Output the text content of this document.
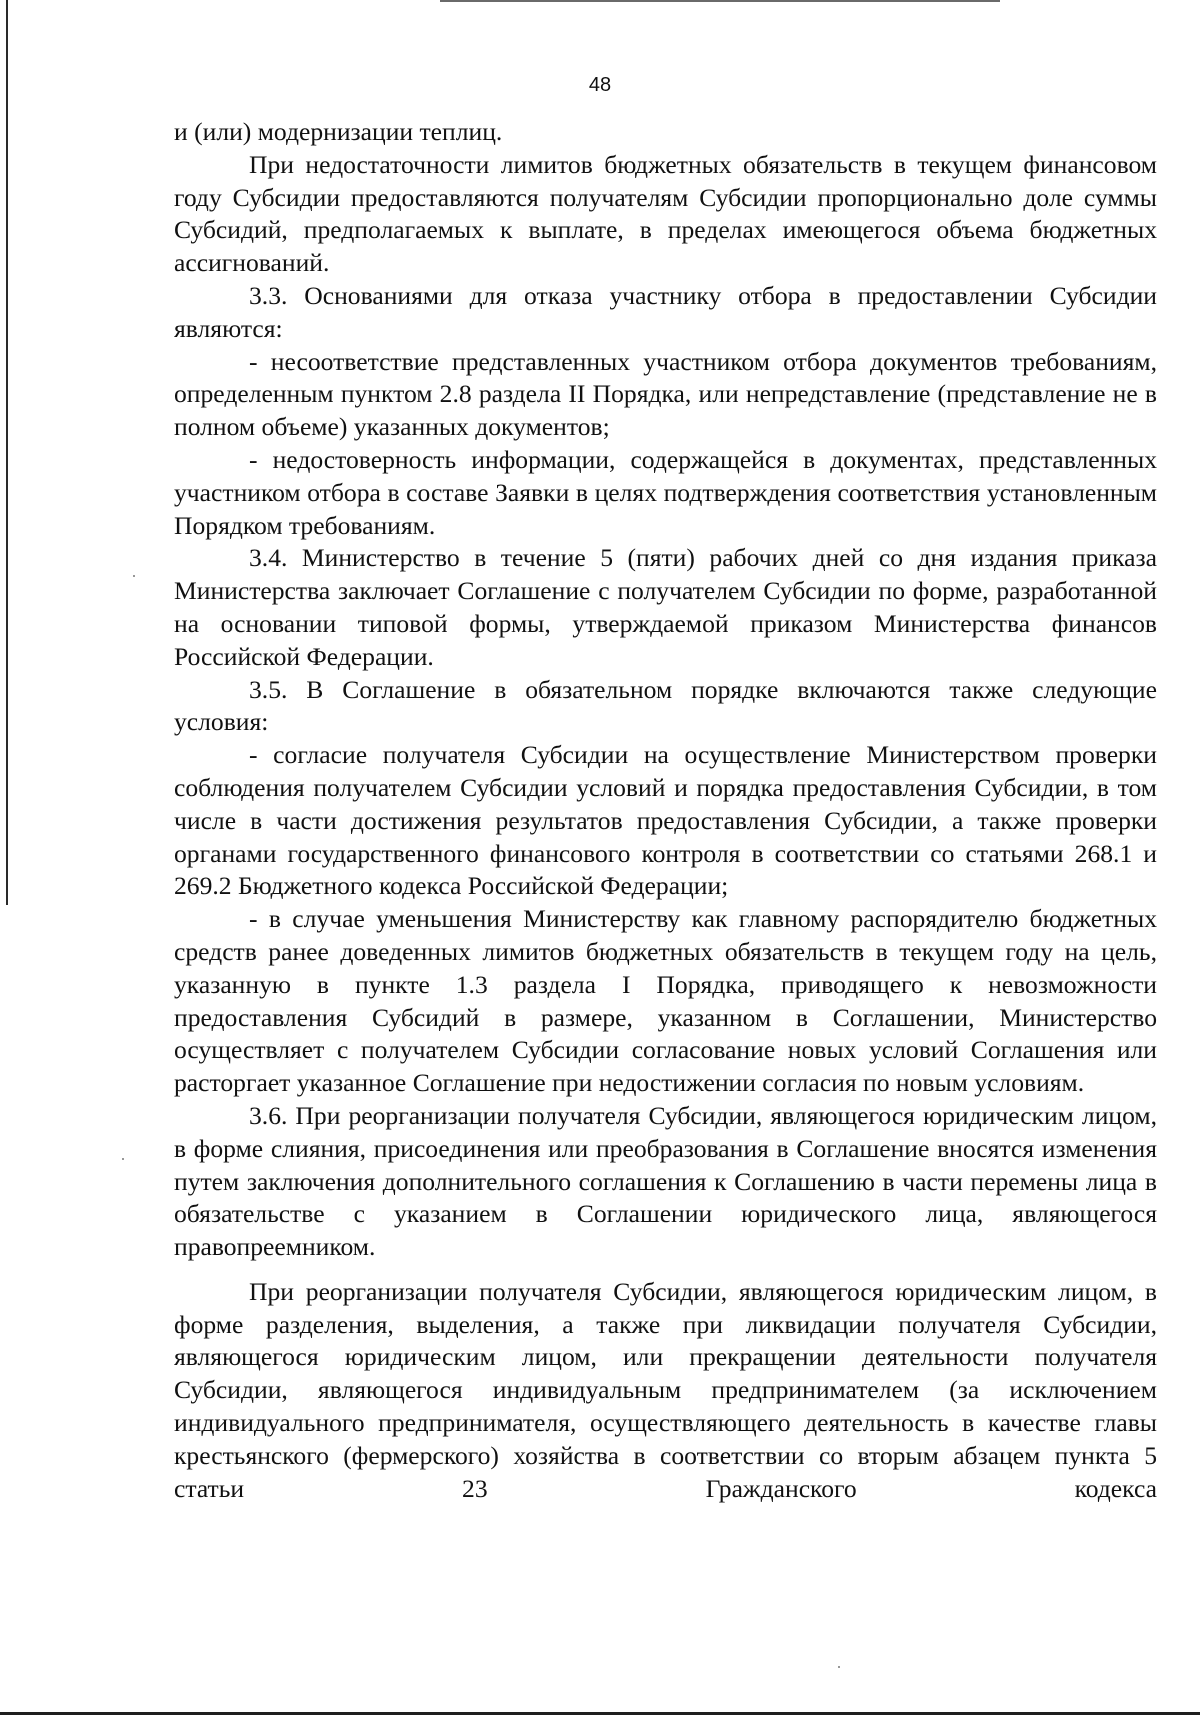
48

и (или) модернизации теплиц.

При недостаточности лимитов бюджетных обязательств в текущем финансовом году Субсидии предоставляются получателям Субсидии пропорционально доле суммы Субсидий, предполагаемых к выплате, в пределах имеющегося объема бюджетных ассигнований.

3.3. Основаниями для отказа участнику отбора в предоставлении Субсидии являются:

- несоответствие представленных участником отбора документов требованиям, определенным пунктом 2.8 раздела II Порядка, или непредставление (представление не в полном объеме) указанных документов;

- недостоверность информации, содержащейся в документах, представленных участником отбора в составе Заявки в целях подтверждения соответствия установленным Порядком требованиям.

3.4. Министерство в течение 5 (пяти) рабочих дней со дня издания приказа Министерства заключает Соглашение с получателем Субсидии по форме, разработанной на основании типовой формы, утверждаемой приказом Министерства финансов Российской Федерации.

3.5. В Соглашение в обязательном порядке включаются также следующие условия:

- согласие получателя Субсидии на осуществление Министерством проверки соблюдения получателем Субсидии условий и порядка предоставления Субсидии, в том числе в части достижения результатов предоставления Субсидии, а также проверки органами государственного финансового контроля в соответствии со статьями 268.1 и 269.2 Бюджетного кодекса Российской Федерации;

- в случае уменьшения Министерству как главному распорядителю бюджетных средств ранее доведенных лимитов бюджетных обязательств в текущем году на цель, указанную в пункте 1.3 раздела I Порядка, приводящего к невозможности предоставления Субсидий в размере, указанном в Соглашении, Министерство осуществляет с получателем Субсидии согласование новых условий Соглашения или расторгает указанное Соглашение при недостижении согласия по новым условиям.

3.6. При реорганизации получателя Субсидии, являющегося юридическим лицом, в форме слияния, присоединения или преобразования в Соглашение вносятся изменения путем заключения дополнительного соглашения к Соглашению в части перемены лица в обязательстве с указанием в Соглашении юридического лица, являющегося правопреемником.

При реорганизации получателя Субсидии, являющегося юридическим лицом, в форме разделения, выделения, а также при ликвидации получателя Субсидии, являющегося юридическим лицом, или прекращении деятельности получателя Субсидии, являющегося индивидуальным предпринимателем (за исключением индивидуального предпринимателя, осуществляющего деятельность в качестве главы крестьянского (фермерского) хозяйства в соответствии со вторым абзацем пункта 5 статьи 23 Гражданского кодекса
